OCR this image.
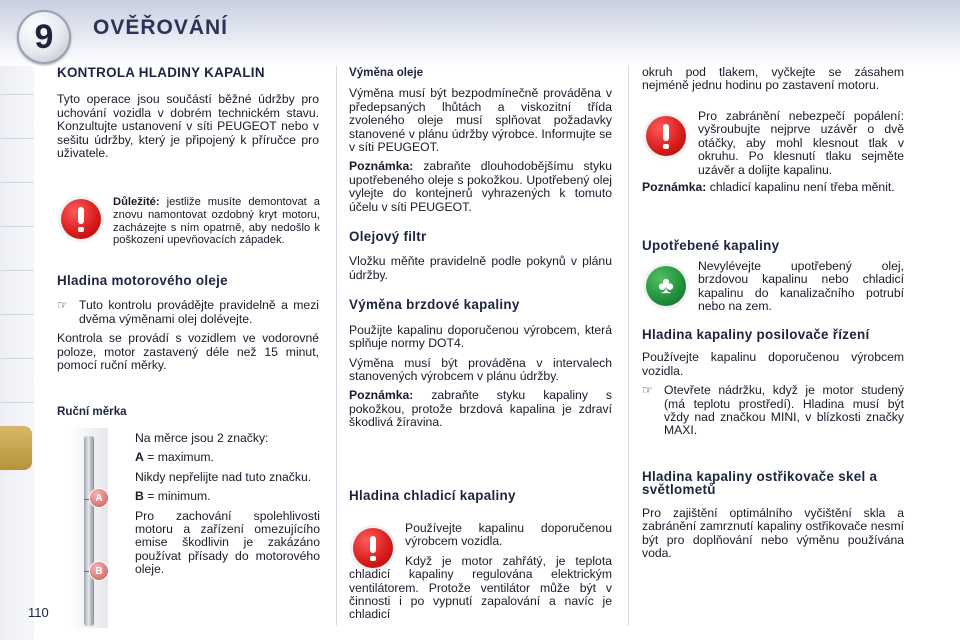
9 OVĚŘOVÁNÍ
KONTROLA HLADINY KAPALIN

Tyto operace jsou součástí běžné údržby pro uchování vozidla v dobrém technickém stavu. Konzultujte ustanovení v síti PEUGEOT nebo v sešitu údržby, který je připojený k příručce pro uživatele.

Důležité: jestliže musíte demontovat a znovu namontovat ozdobný kryt motoru, zacházejte s ním opatrně, aby nedošlo k poškození upevňovacích západek.

Hladina motorového oleje

☞ Tuto kontrolu provádějte pravidelně a mezi dvěma výměnami olej dolévejte.

Kontrola se provádí s vozidlem ve vodorovné poloze, motor zastavený déle než 15 minut, pomocí ruční měrky.

Ruční měrka
A
B

Na měrce jsou 2 značky:

A = maximum.

Nikdy nepřelijte nad tuto značku.

B = minimum.

Pro zachování spolehlivosti motoru a zařízení omezujícího emise škodlivin je zakázáno používat přísady do motorového oleje.

Výměna oleje

Výměna musí být bezpodmínečně prováděna v předepsaných lhůtách a viskozitní třída zvoleného oleje musí splňovat požadavky stanovené v plánu údržby výrobce. Informujte se v síti PEUGEOT.

Poznámka: zabraňte dlouhodobějšímu styku upotřebeného oleje s pokožkou. Upotřebený olej vylejte do kontejnerů vyhrazených k tomuto účelu v síti PEUGEOT.

Olejový filtr

Vložku měňte pravidelně podle pokynů v plánu údržby.

Výměna brzdové kapaliny

Použijte kapalinu doporučenou výrobcem, která splňuje normy DOT4.

Výměna musí být prováděna v intervalech stanovených výrobcem v plánu údržby.

Poznámka: zabraňte styku kapaliny s pokožkou, protože brzdová kapalina je zdraví škodlivá žíravina.

Hladina chladicí kapaliny

Používejte kapalinu doporučenou výrobcem vozidla.

Když je motor zahřátý, je teplota chladicí kapaliny regulována elektrickým ventilátorem. Protože ventilátor může být v činnosti i po vypnutí zapalování a navíc je chladicí

okruh pod tlakem, vyčkejte se zásahem nejméně jednu hodinu po zastavení motoru.

Pro zabránění nebezpečí popálení: vyšroubujte nejprve uzávěr o dvě otáčky, aby mohl klesnout tlak v okruhu. Po klesnutí tlaku sejměte uzávěr a dolijte kapalinu.

Poznámka: chladicí kapalinu není třeba měnit.

Upotřebené kapaliny
♣

Nevylévejte upotřebený olej, brzdovou kapalinu nebo chladicí kapalinu do kanalizačního potrubí nebo na zem.

Hladina kapaliny posilovače řízení

Používejte kapalinu doporučenou výrobcem vozidla.

☞ Otevřete nádržku, když je motor studený (má teplotu prostředí). Hladina musí být vždy nad značkou MINI, v blízkosti značky MAXI.

Hladina kapaliny ostřikovače skel a světlometů

Pro zajištění optimálního vyčištění skla a zabránění zamrznutí kapaliny ostřikovače nesmí být pro doplňování nebo výměnu používána voda.

110
